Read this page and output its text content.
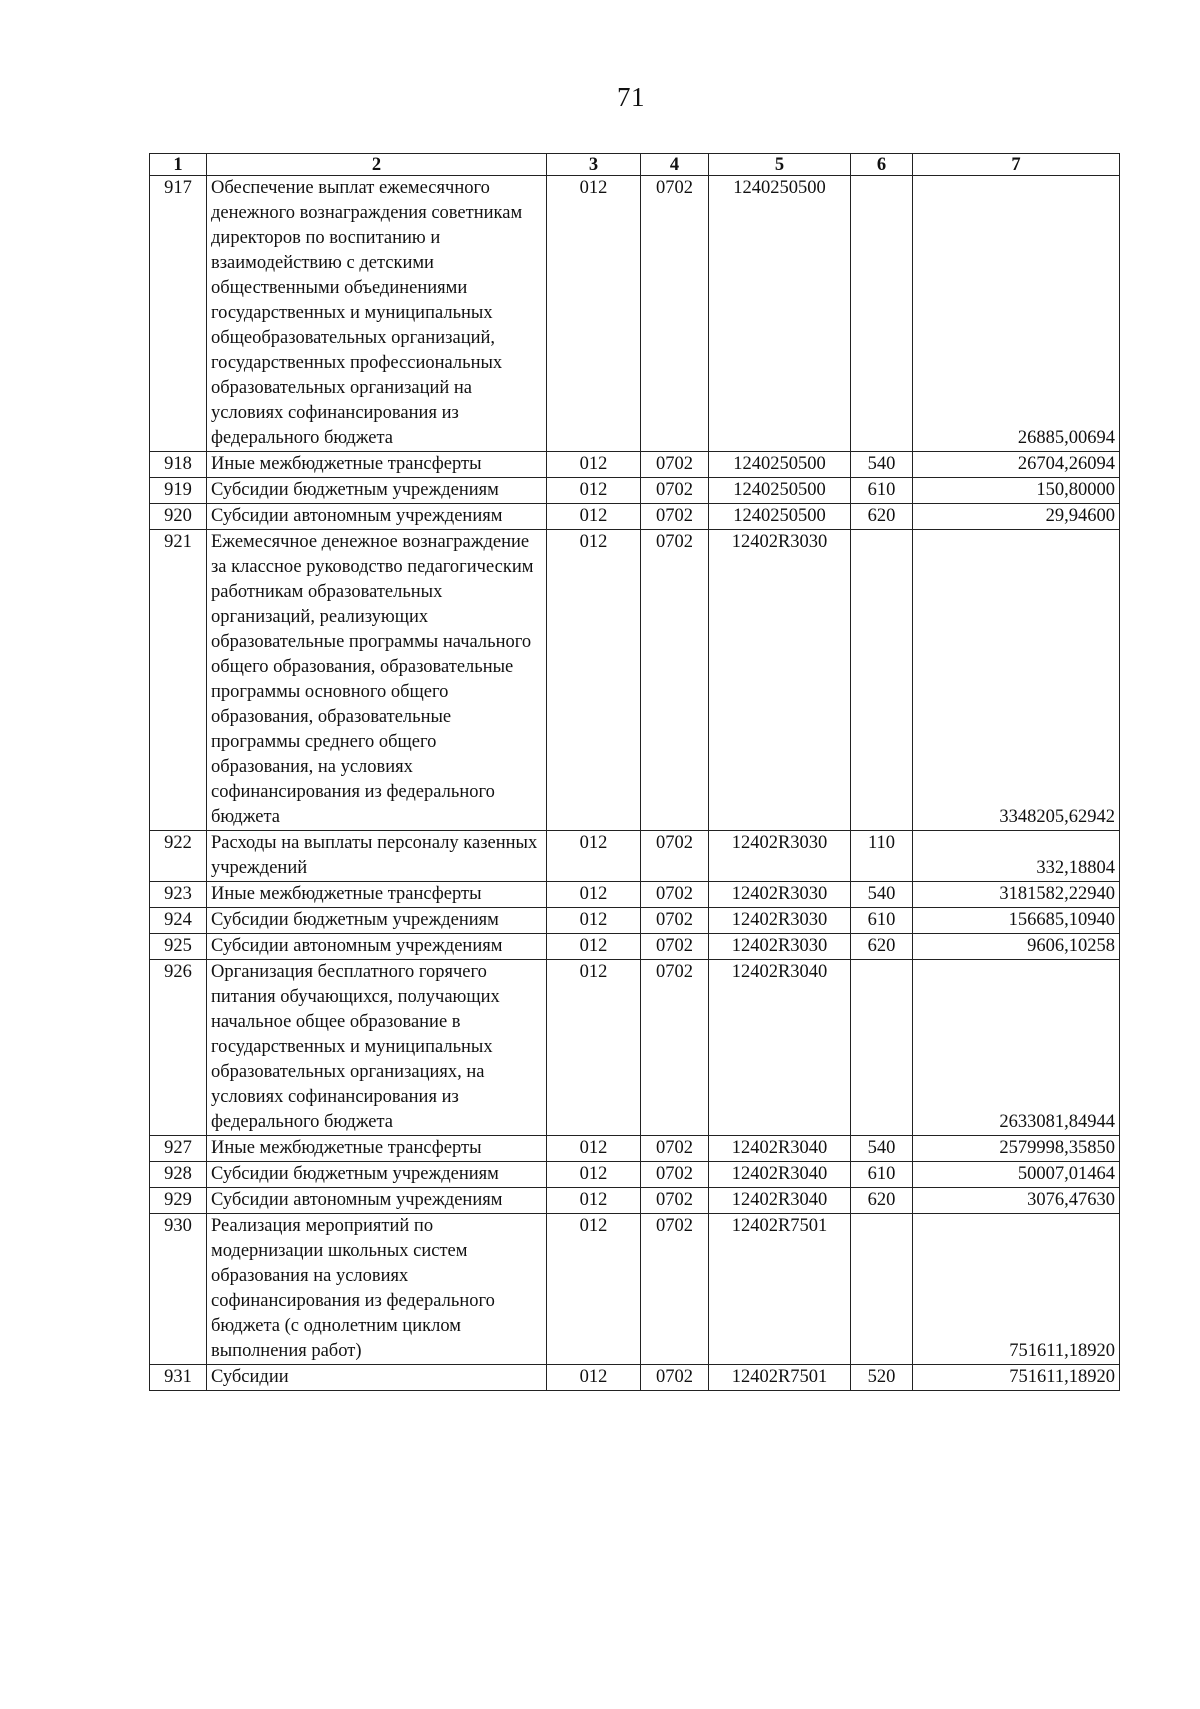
71
1	2	3	4	5	6	7
917	Обеспечение выплат ежемесячного денежного вознаграждения советникам директоров по воспитанию и взаимодействию с детскими общественными объединениями государственных и муниципальных общеобразовательных организаций, государственных профессиональных образовательных организаций на условиях софинансирования из федерального бюджета	012	0702	1240250500		26885,00694
918	Иные межбюджетные трансферты	012	0702	1240250500	540	26704,26094
919	Субсидии бюджетным учреждениям	012	0702	1240250500	610	150,80000
920	Субсидии автономным учреждениям	012	0702	1240250500	620	29,94600
921	Ежемесячное денежное вознаграждение за классное руководство педагогическим работникам образовательных организаций, реализующих образовательные программы начального общего образования, образовательные программы основного общего образования, образовательные программы среднего общего образования, на условиях софинансирования из федерального бюджета	012	0702	12402R3030		3348205,62942
922	Расходы на выплаты персоналу казенных учреждений	012	0702	12402R3030	110	332,18804
923	Иные межбюджетные трансферты	012	0702	12402R3030	540	3181582,22940
924	Субсидии бюджетным учреждениям	012	0702	12402R3030	610	156685,10940
925	Субсидии автономным учреждениям	012	0702	12402R3030	620	9606,10258
926	Организация бесплатного горячего питания обучающихся, получающих начальное общее образование в государственных и муниципальных образовательных организациях, на условиях софинансирования из федерального бюджета	012	0702	12402R3040		2633081,84944
927	Иные межбюджетные трансферты	012	0702	12402R3040	540	2579998,35850
928	Субсидии бюджетным учреждениям	012	0702	12402R3040	610	50007,01464
929	Субсидии автономным учреждениям	012	0702	12402R3040	620	3076,47630
930	Реализация мероприятий по модернизации школьных систем образования на условиях софинансирования из федерального бюджета (с однолетним циклом выполнения работ)	012	0702	12402R7501		751611,18920
931	Субсидии	012	0702	12402R7501	520	751611,18920
